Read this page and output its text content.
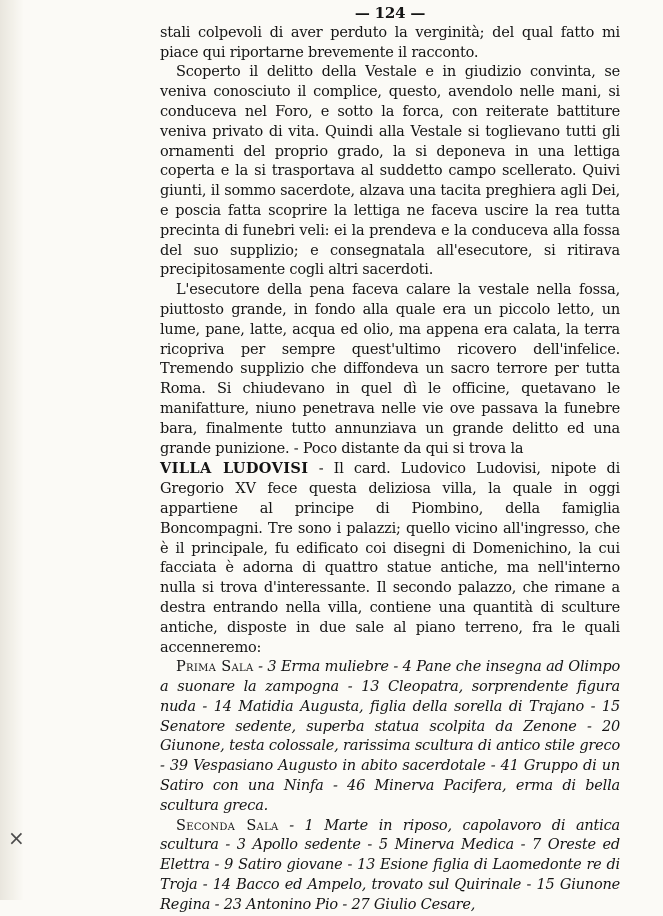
×
— 124 —

stali colpevoli di aver perduto la verginità; del qual fatto mi piace qui riportarne brevemente il racconto.

Scoperto il delitto della Vestale e in giudizio convinta, se veniva conosciuto il complice, questo, avendolo nelle mani, si conduceva nel Foro, e sotto la forca, con reiterate battiture veniva privato di vita. Quindi alla Vestale si toglievano tutti gli ornamenti del proprio grado, la si deponeva in una lettiga coperta e la si trasportava al suddetto campo scellerato. Quivi giunti, il sommo sacerdote, alzava una tacita preghiera agli Dei, e poscia fatta scoprire la lettiga ne faceva uscire la rea tutta precinta di funebri veli: ei la prendeva e la conduceva alla fossa del suo supplizio; e consegnatala all'esecutore, si ritirava precipitosamente cogli altri sacerdoti.

L'esecutore della pena faceva calare la vestale nella fossa, piuttosto grande, in fondo alla quale era un piccolo letto, un lume, pane, latte, acqua ed olio, ma appena era calata, la terra ricopriva per sempre quest'ultimo ricovero dell'infelice. Tremendo supplizio che diffondeva un sacro terrore per tutta Roma. Si chiudevano in quel dì le officine, quetavano le manifatture, niuno penetrava nelle vie ove passava la funebre bara, finalmente tutto annunziava un grande delitto ed una grande punizione. - Poco distante da qui si trova la

VILLA LUDOVISI - Il card. Ludovico Ludovisi, nipote di Gregorio XV fece questa deliziosa villa, la quale in oggi appartiene al principe di Piombino, della famiglia Boncompagni. Tre sono i palazzi; quello vicino all'ingresso, che è il principale, fu edificato coi disegni di Domenichino, la cui facciata è adorna di quattro statue antiche, ma nell'interno nulla si trova d'interessante. Il secondo palazzo, che rimane a destra entrando nella villa, contiene una quantità di sculture antiche, disposte in due sale al piano terreno, fra le quali accenneremo:

Prima Sala - 3 Erma muliebre - 4 Pane che insegna ad Olimpo a suonare la zampogna - 13 Cleopatra, sorprendente figura nuda - 14 Matidia Augusta, figlia della sorella di Trajano - 15 Senatore sedente, superba statua scolpita da Zenone - 20 Giunone, testa colossale, rarissima scultura di antico stile greco - 39 Vespasiano Augusto in abito sacerdotale - 41 Gruppo di un Satiro con una Ninfa - 46 Minerva Pacifera, erma di bella scultura greca.

Seconda Sala - 1 Marte in riposo, capolavoro di antica scultura - 3 Apollo sedente - 5 Minerva Medica - 7 Oreste ed Elettra - 9 Satiro giovane - 13 Esione figlia di Laomedonte re di Troja - 14 Bacco ed Ampelo, trovato sul Quirinale - 15 Giunone Regina - 23 Antonino Pio - 27 Giulio Cesare,
